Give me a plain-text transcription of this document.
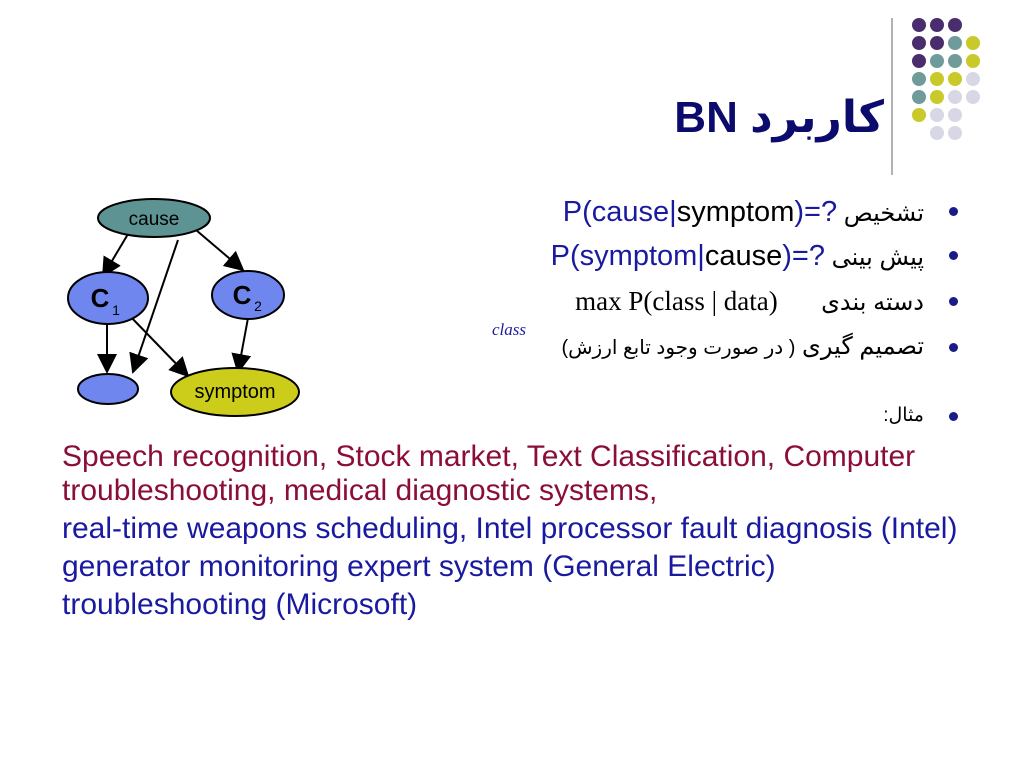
کاربرد BN
cause
C 1	C 2
symptom
تشخیص P(cause|symptom)=?
پیش بینی P(symptom|cause)=?
دسته بندی  max P(class | data)
class
تصمیم گیری ( در صورت وجود تابع ارزش)
مثال:

Speech recognition, Stock market, Text Classification, Computer troubleshooting, medical diagnostic systems,

real-time weapons scheduling, Intel processor fault diagnosis (Intel)

generator monitoring expert system (General Electric)

troubleshooting (Microsoft)
